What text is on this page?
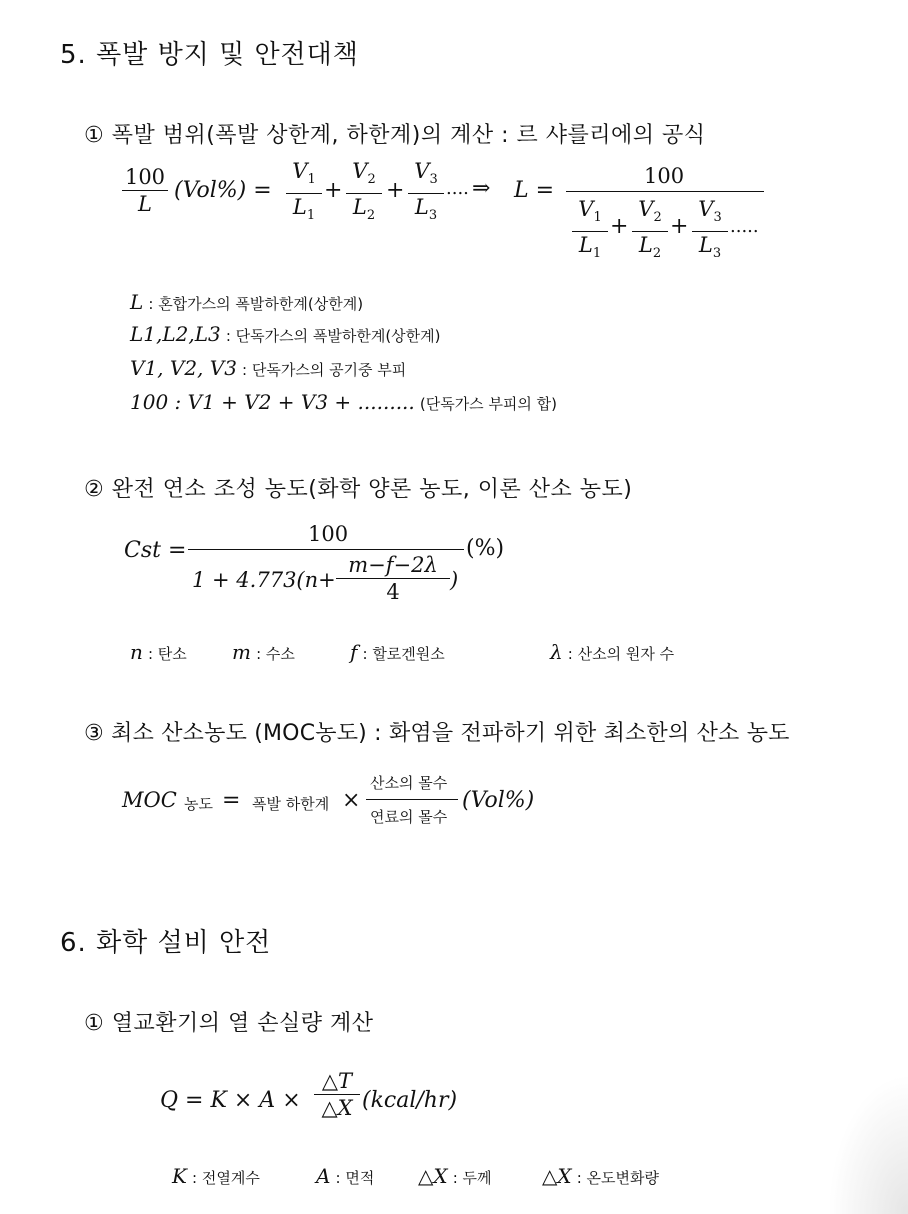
5. 폭발 방지 및 안전대책
① 폭발 범위(폭발 상한계, 하한계)의 계산 : 르 샤를리에의 공식
100
L
(Vol%) =
$V_1$
$L_1$
+
$V_2$
$L_2$
+
$V_3$
$L_3$
.... ⇒ L =
100
$V_1$
$L_1$
+
$V_2$
$L_2$
+
$V_3$
$L_3$
.....
L : 혼합가스의 폭발하한계(상한계)
L1,L2,L3 : 단독가스의 폭발하한계(상한계)
V1, V2, V3 : 단독가스의 공기중 부피
100 : V1 + V2 + V3 + ......... (단독가스 부피의 합)
② 완전 연소 조성 농도(화학 양론 농도, 이론 산소 농도)
Cst =
100
1 + 4.773(n+
m−f−2λ
4	)
(%)
n : 탄소 m : 수소	f : 할로겐원소	λ : 산소의 원자 수
③ 최소 산소농도 (MOC농도) : 화염을 전파하기 위한 최소한의 산소 농도
MOC 농도 = 폭발 하한계 ×
산소의 몰수
연료의 몰수
(Vol%)
6. 화학 설비 안전
① 열교환기의 열 손실량 계산
Q = K × A ×
△T
△X (kcal/hr)
K : 전열계수	A : 면적 △X : 두께	△X : 온도변화량
